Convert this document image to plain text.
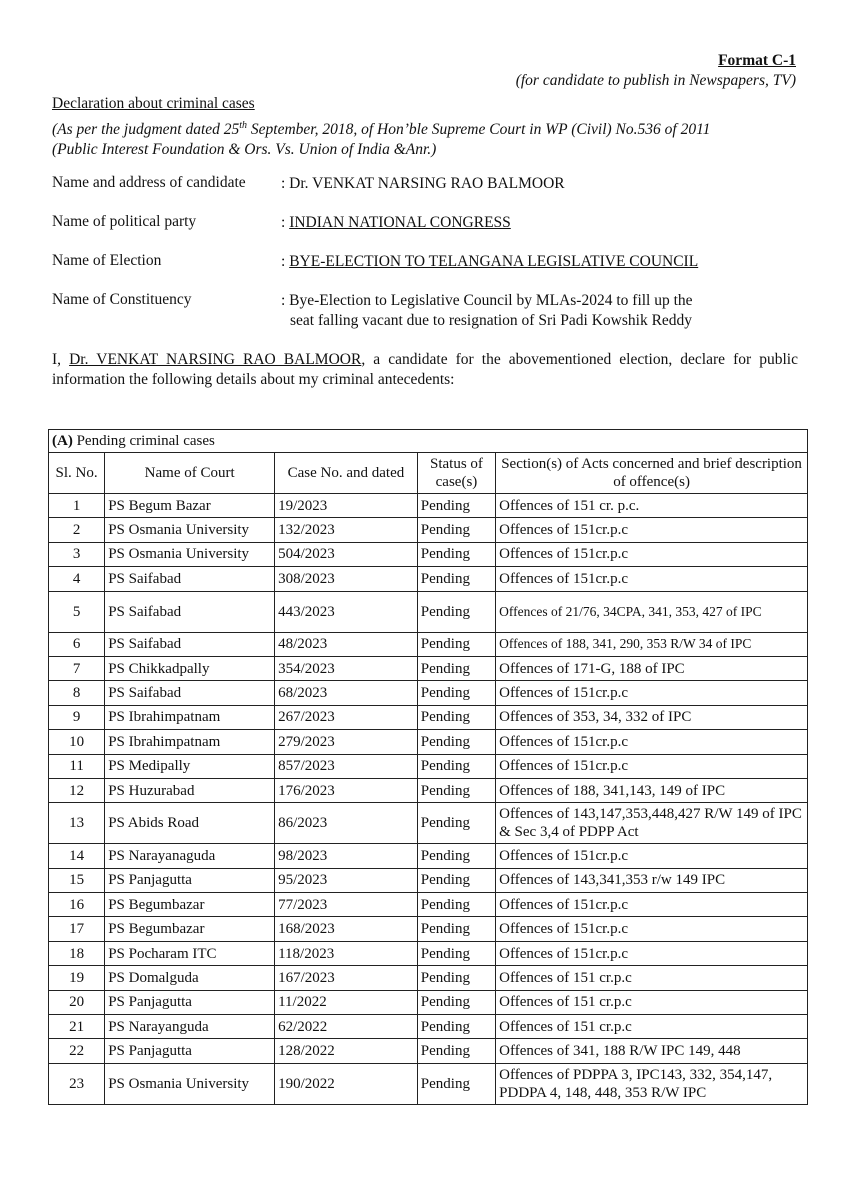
Format C-1
(for candidate to publish in Newspapers, TV)
Declaration about criminal cases
(As per the judgment dated 25th September, 2018, of Hon’ble Supreme Court in WP (Civil) No.536 of 2011
(Public Interest Foundation & Ors. Vs. Union of India &Anr.)
Name and address of candidate : Dr. VENKAT NARSING RAO BALMOOR
Name of political party	: INDIAN NATIONAL CONGRESS
Name of Election	: BYE-ELECTION TO TELANGANA LEGISLATIVE COUNCIL
Name of Constituency	: Bye-Election to Legislative Council by MLAs-2024 to fill up the
seat falling vacant due to resignation of Sri Padi Kowshik Reddy
I, Dr. VENKAT NARSING RAO BALMOOR, a candidate for the abovementioned election, declare for public information the following details about my criminal antecedents:
(A) Pending criminal cases				
Sl. No.	Name of Court	Case No. and dated	Status of case(s)	Section(s) of Acts concerned and brief description of offence(s)
1	PS Begum Bazar	19/2023	Pending	Offences of 151 cr. p.c.
2	PS Osmania University	132/2023	Pending	Offences of 151cr.p.c
3	PS Osmania University	504/2023	Pending	Offences of 151cr.p.c
4	PS Saifabad	308/2023	Pending	Offences of 151cr.p.c
5	PS Saifabad	443/2023	Pending	Offences of 21/76, 34CPA, 341, 353, 427 of IPC
6	PS Saifabad	48/2023	Pending	Offences of 188, 341, 290, 353 R/W 34 of IPC
7	PS Chikkadpally	354/2023	Pending	Offences of 171-G, 188 of IPC
8	PS Saifabad	68/2023	Pending	Offences of 151cr.p.c
9	PS Ibrahimpatnam	267/2023	Pending	Offences of 353, 34, 332 of IPC
10	PS Ibrahimpatnam	279/2023	Pending	Offences of 151cr.p.c
11	PS Medipally	857/2023	Pending	Offences of 151cr.p.c
12	PS Huzurabad	176/2023	Pending	Offences of 188, 341,143, 149 of IPC
13	PS Abids Road	86/2023	Pending	Offences of 143,147,353,448,427 R/W 149 of IPC & Sec 3,4 of PDPP Act
14	PS Narayanaguda	98/2023	Pending	Offences of 151cr.p.c
15	PS Panjagutta	95/2023	Pending	Offences of 143,341,353 r/w 149 IPC
16	PS Begumbazar	77/2023	Pending	Offences of 151cr.p.c
17	PS Begumbazar	168/2023	Pending	Offences of 151cr.p.c
18	PS Pocharam ITC	118/2023	Pending	Offences of 151cr.p.c
19	PS Domalguda	167/2023	Pending	Offences of 151 cr.p.c
20	PS Panjagutta	11/2022	Pending	Offences of 151 cr.p.c
21	PS Narayanguda	62/2022	Pending	Offences of 151 cr.p.c
22	PS Panjagutta	128/2022	Pending	Offences of 341, 188 R/W IPC 149, 448
23	PS Osmania University	190/2022	Pending	Offences of PDPPA 3, IPC143, 332, 354,147, PDDPA 4, 148, 448, 353 R/W IPC
